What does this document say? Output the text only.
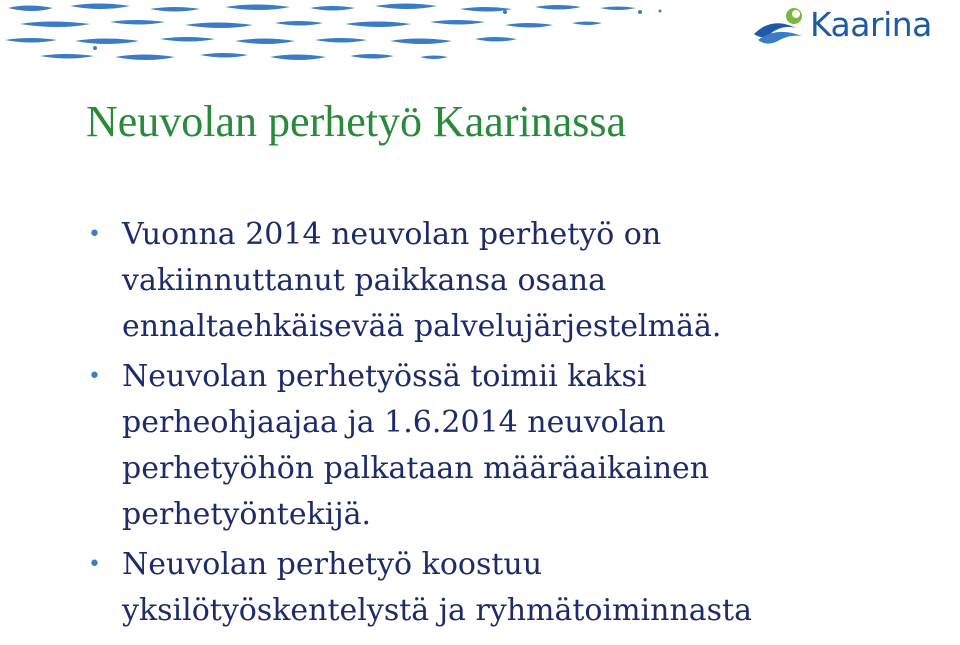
Kaarina
Neuvolan perhetyö Kaarinassa
• Vuonna 2014 neuvolan perhetyö on
vakiinnuttanut paikkansa osana
ennaltaehkäisevää palvelujärjestelmää.
• Neuvolan perhetyössä toimii kaksi
perheohjaajaa ja 1.6.2014 neuvolan
perhetyöhön palkataan määräaikainen
perhetyöntekijä.
• Neuvolan perhetyö koostuu
yksilötyöskentelystä ja ryhmätoiminnasta
